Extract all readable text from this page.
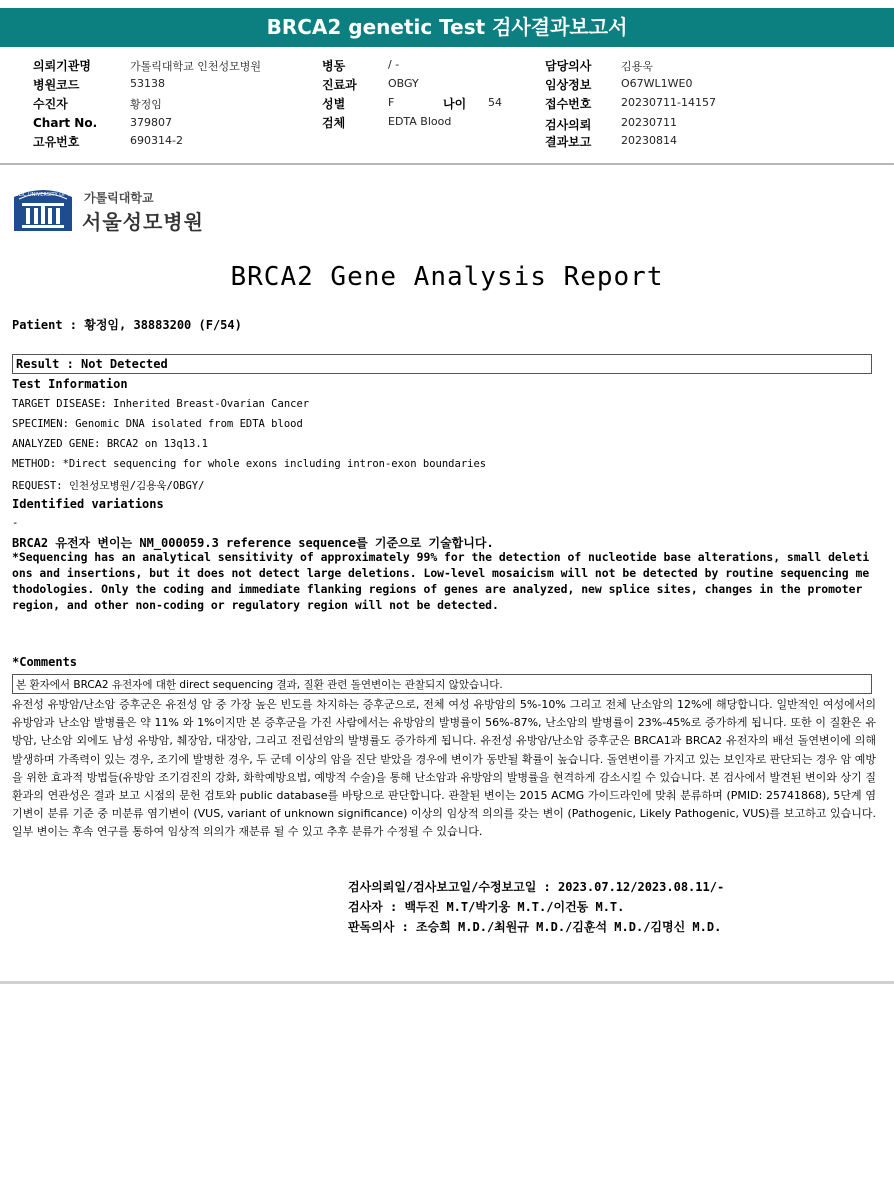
BRCA2 genetic Test 검사결과보고서
의뢰기관명	가톨릭대학교 인천성모병원
병원코드	53138
수진자	황정임
Chart No.	379807
고유번호	690314-2
병동	/ -
진료과	OBGY
성별	F	나이 54
검체	EDTA Blood
담당의사	김용욱
임상정보	O67WL1WE0
접수번호	20230711-14157
검사의뢰	20230711
결과보고	20230814
CATHOLIC UNIVERSITY OF KOREA 가톨릭대학교
서울성모병원
BRCA2 Gene Analysis Report
Patient : 황정임, 38883200 (F/54)
Result : Not Detected
Test Information
TARGET DISEASE: Inherited Breast-Ovarian Cancer
SPECIMEN: Genomic DNA isolated from EDTA blood
ANALYZED GENE: BRCA2 on 13q13.1
METHOD: *Direct sequencing for whole exons including intron-exon boundaries
REQUEST: 인천성모병원/김용욱/OBGY/
Identified variations
-
BRCA2 유전자 변이는 NM_000059.3 reference sequence를 기준으로 기술합니다.
*Sequencing has an analytical sensitivity of approximately 99% for the detection of nucleotide base alterations, small deletions and insertions, but it does not detect large deletions. Low-level mosaicism will not be detected by routine sequencing methodologies. Only the coding and immediate flanking regions of genes are analyzed, new splice sites, changes in the promoter region, and other non-coding or regulatory region will not be detected.
*Comments
본 환자에서 BRCA2 유전자에 대한 direct sequencing 결과, 질환 관련 돌연변이는 관찰되지 않았습니다.
유전성 유방암/난소암 증후군은 유전성 암 중 가장 높은 빈도를 차지하는 증후군으로, 전체 여성 유방암의 5%-10% 그리고 전체 난소암의 12%에 해당합니다. 일반적인 여성에서의 유방암과 난소암 발병률은 약 11% 와 1%이지만 본 증후군을 가진 사람에서는 유방암의 발병률이 56%-87%, 난소암의 발병률이 23%-45%로 증가하게 됩니다. 또한 이 질환은 유방암, 난소암 외에도 남성 유방암, 췌장암, 대장암, 그리고 전립선암의 발병률도 증가하게 됩니다. 유전성 유방암/난소암 증후군은 BRCA1과 BRCA2 유전자의 배선 돌연변이에 의해 발생하며 가족력이 있는 경우, 조기에 발병한 경우, 두 군데 이상의 암을 진단 받았을 경우에 변이가 동반될 확률이 높습니다. 돌연변이를 가지고 있는 보인자로 판단되는 경우 암 예방을 위한 효과적 방법들(유방암 조기검진의 강화, 화학예방요법, 예방적 수술)을 통해 난소암과 유방암의 발병률을 현격하게 감소시킬 수 있습니다. 본 검사에서 발견된 변이와 상기 질환과의 연관성은 결과 보고 시점의 문헌 검토와 public database를 바탕으로 판단합니다. 관찰된 변이는 2015 ACMG 가이드라인에 맞춰 분류하며 (PMID: 25741868), 5단계 염기변이 분류 기준 중 미분류 염기변이 (VUS, variant of unknown significance) 이상의 임상적 의의를 갖는 변이 (Pathogenic, Likely Pathogenic, VUS)를 보고하고 있습니다. 일부 변이는 후속 연구를 통하여 임상적 의의가 재분류 될 수 있고 추후 분류가 수정될 수 있습니다.
검사의뢰일/검사보고일/수정보고일 : 2023.07.12/2023.08.11/-
검사자 : 백두진 M.T/박기웅 M.T./이건동 M.T.
판독의사 : 조승희 M.D./최원규 M.D./김훈석 M.D./김명신 M.D.
